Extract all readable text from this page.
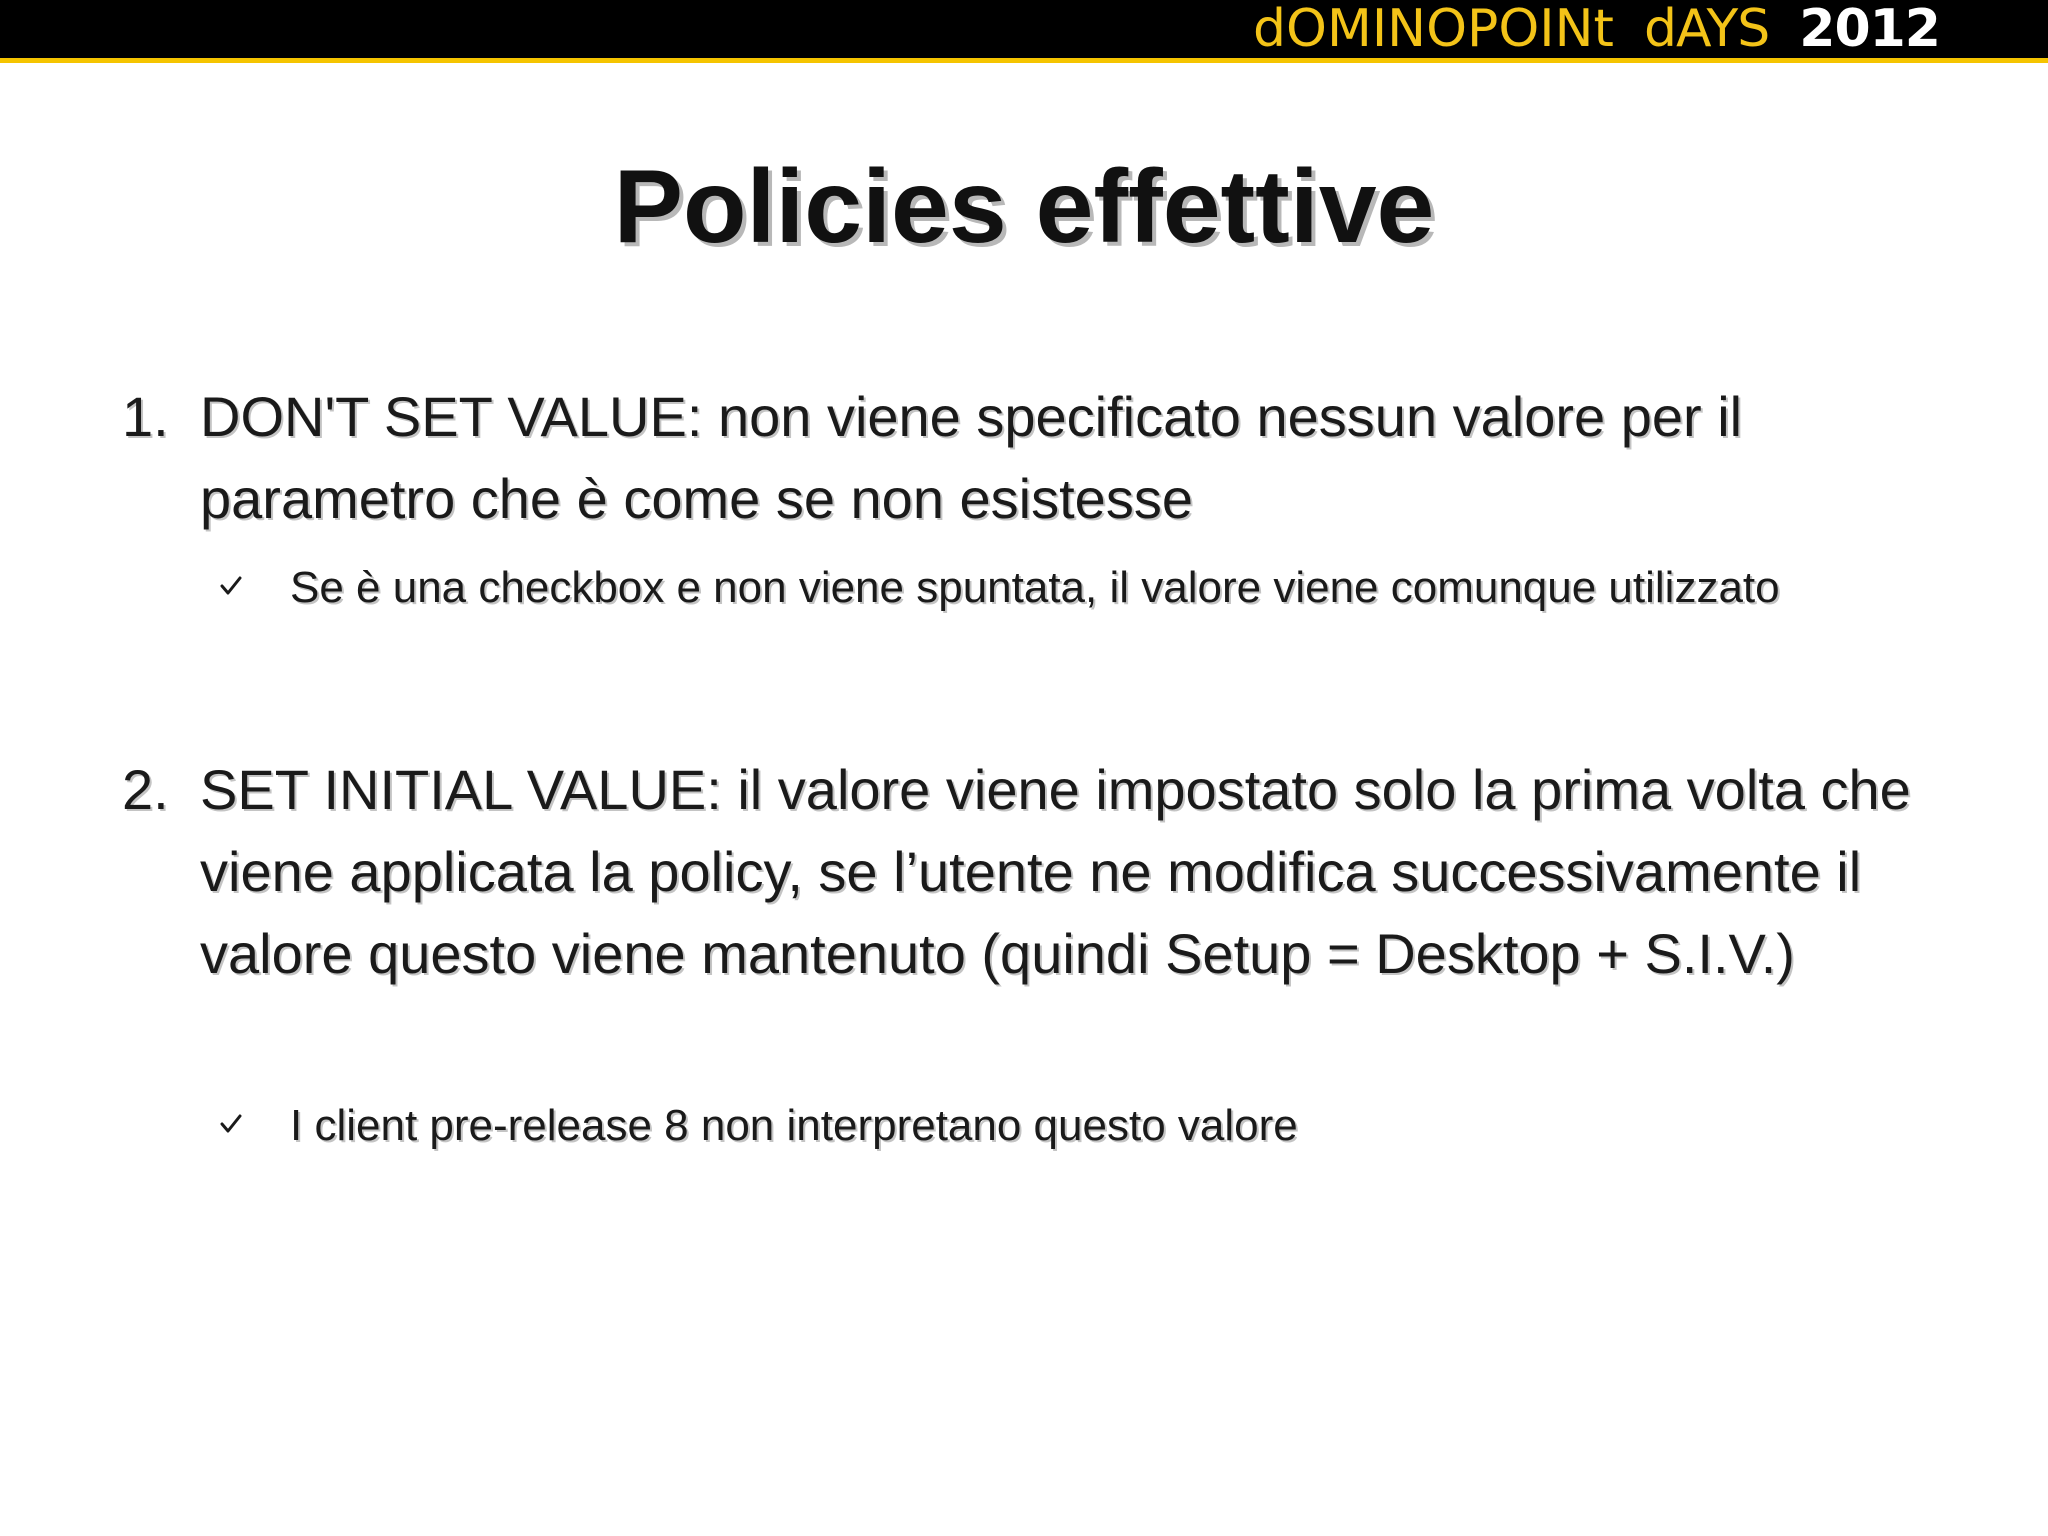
dOMINOPOINt dAYS 2012
Policies effettive
1. DON'T SET VALUE: non viene specificato nessun valore per il parametro che è come se non esistesse
Se è una checkbox e non viene spuntata, il valore viene comunque utilizzato
2. SET INITIAL VALUE: il valore viene impostato solo la prima volta che viene applicata la policy, se l’utente ne modifica successivamente il valore questo viene mantenuto (quindi Setup = Desktop + S.I.V.)
I client pre-release 8 non interpretano questo valore
